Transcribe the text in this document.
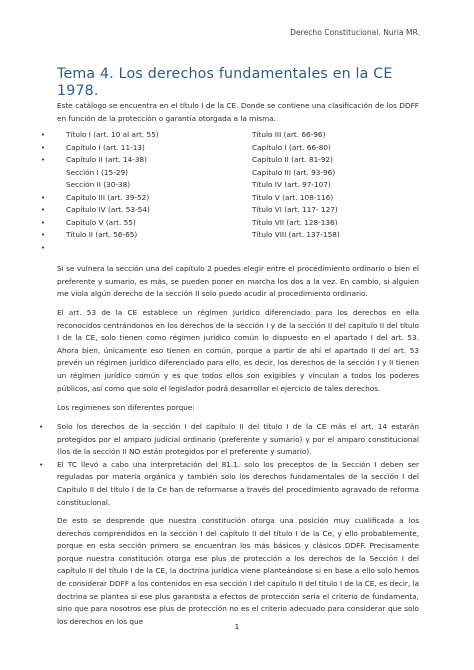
Derecho Constitucional. Nuria MR.
Tema 4. Los derechos fundamentales en la CE 1978.

Este catálogo se encuentra en el título I de la CE. Donde se contiene una clasificación de los DDFF en función de la protección o garantía otorgada a la misma.

•	Título I (art. 10 al art. 55)
•	Capítulo I (art. 11-13)
•	Capítulo II (art. 14-38)
Sección I (15-29)
Sección II (30-38)
•	Capítulo III (art. 39-52)
•	Capítulo IV (art. 53-54)
•	Capítulo V (art. 55)
•	Título II (art. 56-65)
•
Título III (art. 66-96)
Capítulo I (art. 66-80)
Capítulo II (art. 81-92)
Capítulo III (art. 93-96)
Título IV (art. 97-107)
Título V (art. 108-116)
Título VI (art. 117- 127)
Título VII (art. 128-136)
Título VIII (art. 137-158)

Si se vulnera la sección una del capítulo 2 puedes elegir entre el procedimiento ordinario o bien el preferente y sumario, es más, se pueden poner en marcha los dos a la vez. En cambio, si alguien me viola algún derecho de la sección II solo puedo acudir al procedimiento ordinario.

El art. 53 de la CE establece un régimen jurídico diferenciado para los derechos en ella reconocidos centrándonos en los derechos de la sección I y de la sección II del capítulo II del título I de la CE, solo tienen como régimen jurídico común lo dispuesto en el apartado I del art. 53. Ahora bien, únicamente eso tienen en común, porque a partir de ahí el apartado II del art. 53 prevén un régimen jurídico diferenciado para ello, es decir, los derechos de la sección I y II tienen un régimen jurídico común y es que todos ellos son exigibles y vinculan a todos los poderes públicos, así como que solo el legislador podrá desarrollar el ejercicio de tales derechos.

Los regímenes son diferentes porque:

• Solo los derechos de la sección I del capítulo II del título I de la CE más el art. 14 estarán protegidos por el amparo judicial ordinario (preferente y sumario) y por el amparo constitucional (los de la sección II NO están protegidos por el preferente y sumario).
• El TC llevó a cabo una interpretación del 81.1. solo los preceptos de la Sección I deben ser reguladas por materia orgánica y también solo los derechos fundamentales de la sección I del Capítulo II del título I de la Ce han de reformarse a través del procedimiento agravado de reforma constitucional.

De esto se desprende que nuestra constitución otorga una posición muy cualificada a los derechos comprendidos en la sección I del capítulo II del título I de la Ce, y ello probablemente, porque en esta sección primero se encuentran los más básicos y clásicos DDFF. Precisamente porque nuestra constitución otorga ese plus de protección a los derechos de la Sección I del capítulo II del título I de la CE, la doctrina jurídica viene planteándose si en base a ello solo hemos de considerar DDFF a los contenidos en esa sección I del capítulo II del título I de la CE, es decir, la doctrina se plantea si ese plus garantista a efectos de protección seria el criterio de fundamenta, sino que para nosotros ese plus de protección no es el criterio adecuado para considerar que solo los derechos en los que

1
